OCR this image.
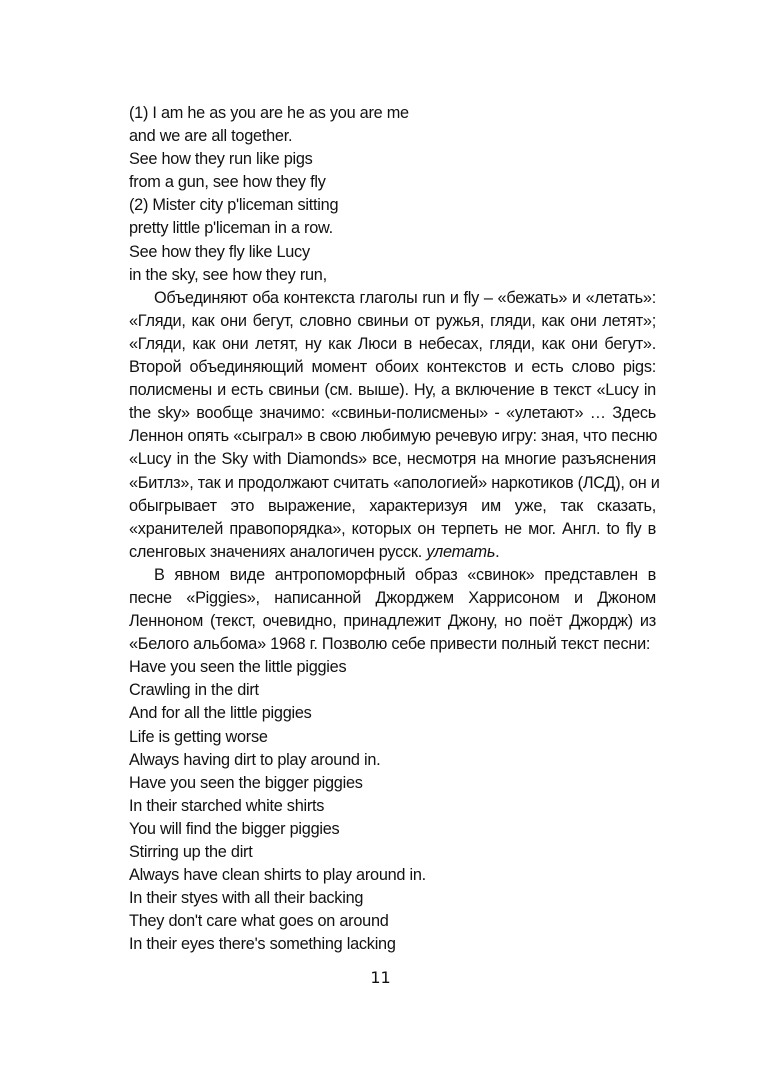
(1) I am he as you are he as you are me
and we are all together.
See how they run like pigs
from a gun, see how they fly
(2) Mister city p'liceman sitting
pretty little p'liceman in a row.
See how they fly like Lucy
in the sky, see how they run,
Объединяют оба контекста глаголы run и fly – «бежать» и «летать»:
«Гляди, как они бегут, словно свиньи от ружья, гляди, как они летят»;
«Гляди, как они летят, ну как Люси в небесах, гляди, как они бегут».
Второй объединяющий момент обоих контекстов и есть слово pigs:
полисмены и есть свиньи (см. выше). Ну, а включение в текст «Lucy in
the sky» вообще значимо: «свиньи-полисмены» - «улетают» … Здесь
Леннон опять «сыграл» в свою любимую речевую игру: зная, что песню
«Lucy in the Sky with Diamonds» все, несмотря на многие разъяснения
«Битлз», так и продолжают считать «апологией» наркотиков (ЛСД), он и
обыгрывает это выражение, характеризуя им уже, так сказать,
«хранителей правопорядка», которых он терпеть не мог. Англ. to fly в
сленговых значениях аналогичен русск. улетать.
В явном виде антропоморфный образ «свинок» представлен в
песне «Piggies», написанной Джорджем Харрисоном и Джоном
Ленноном (текст, очевидно, принадлежит Джону, но поёт Джордж) из
«Белого альбома» 1968 г. Позволю себе привести полный текст песни:
Have you seen the little piggies
Crawling in the dirt
And for all the little piggies
Life is getting worse
Always having dirt to play around in.
Have you seen the bigger piggies
In their starched white shirts
You will find the bigger piggies
Stirring up the dirt
Always have clean shirts to play around in.
In their styes with all their backing
They don't care what goes on around
In their eyes there's something lacking
11
